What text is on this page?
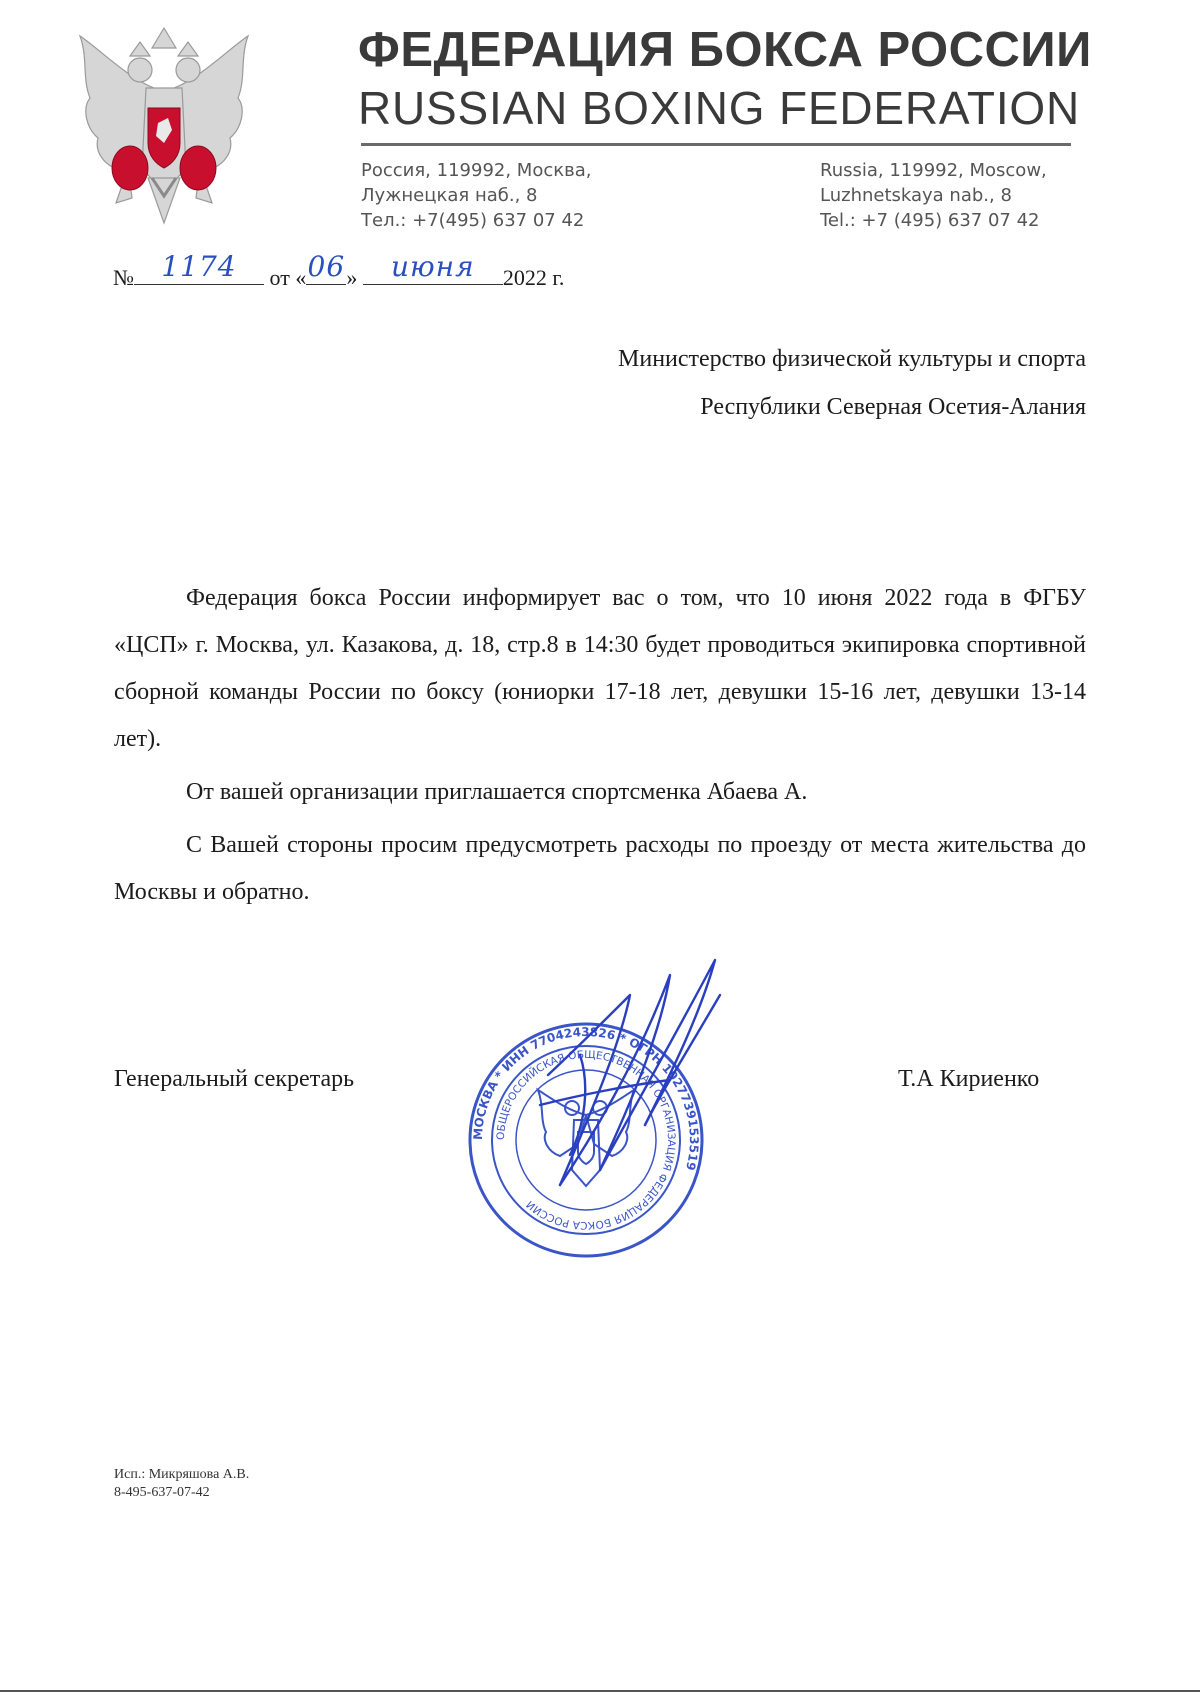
ФЕДЕРАЦИЯ БОКСА РОССИИ
RUSSIAN BOXING FEDERATION
Россия, 119992, Москва,
Лужнецкая наб., 8
Тел.: +7(495) 637 07 42
Russia, 119992, Moscow,
Luzhnetskaya nab., 8
Tel.: +7 (495) 637 07 42
№ 1174	от « 06 »	июня	2022 г.
Министерство физической культуры и спорта
Республики Северная Осетия-Алания

Федерация бокса России информирует вас о том, что 10 июня 2022 года в ФГБУ «ЦСП» г. Москва, ул. Казакова, д. 18, стр.8 в 14:30 будет проводиться экипировка спортивной сборной команды России по боксу (юниорки 17-18 лет, девушки 15-16 лет, девушки 13-14 лет).

От вашей организации приглашается спортсменка Абаева А.

С Вашей стороны просим предусмотреть расходы по проезду от места жительства до Москвы и обратно.

Генеральный секретарь	Т.А Кириенко
МОСКВА * ИНН 7704243826 * ОГРН 1027739153519
ОБЩЕРОССИЙСКАЯ ОБЩЕСТВЕННАЯ ОРГАНИЗАЦИЯ ФЕДЕРАЦИЯ БОКСА РОССИИ
Исп.: Микряшова А.В.
8-495-637-07-42
